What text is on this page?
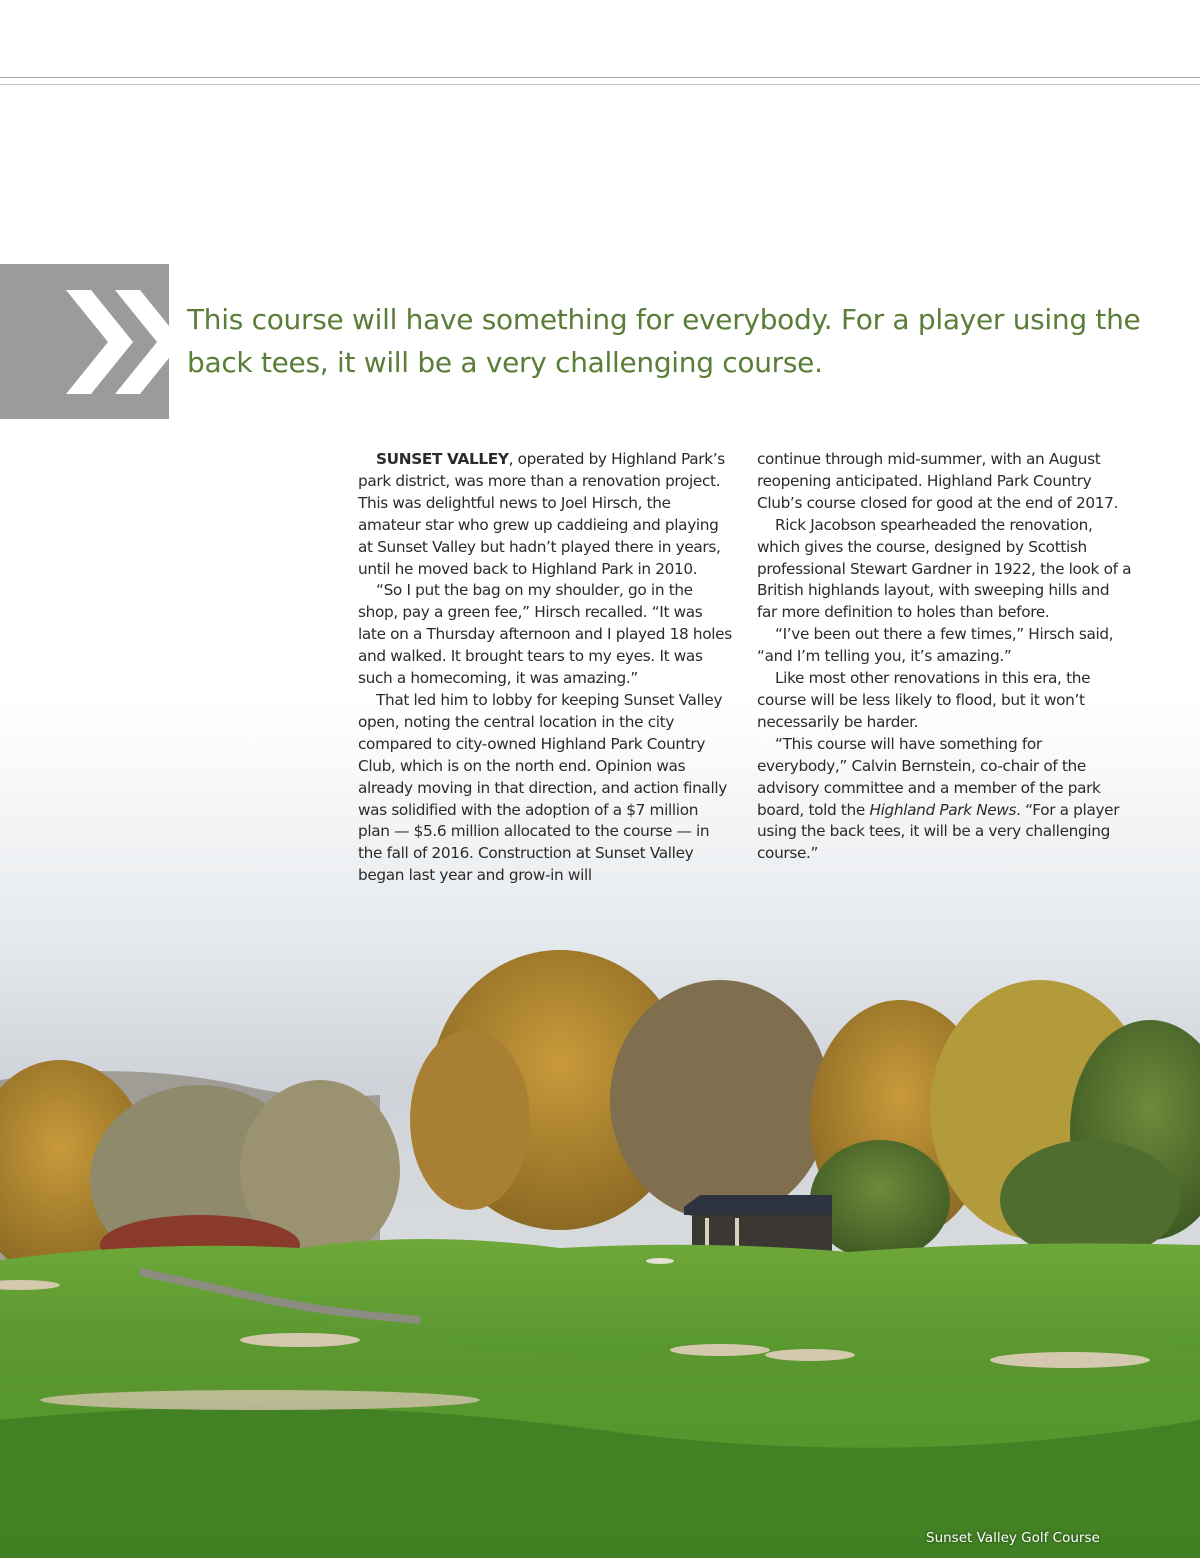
This course will have something for everybody. For a player using the back tees, it will be a very challenging course.

SUNSET VALLEY, operated by Highland Park’s park district, was more than a renovation project. This was delightful news to Joel Hirsch, the amateur star who grew up caddieing and playing at Sunset Valley but hadn’t played there in years, until he moved back to Highland Park in 2010.

“So I put the bag on my shoulder, go in the shop, pay a green fee,” Hirsch recalled. “It was late on a Thursday afternoon and I played 18 holes and walked. It brought tears to my eyes. It was such a homecoming, it was amazing.”

That led him to lobby for keeping Sunset Valley open, noting the central location in the city compared to city-owned Highland Park Country Club, which is on the north end. Opinion was already moving in that direction, and action finally was solidified with the adoption of a $7 million plan — $5.6 million allocated to the course — in the fall of 2016. Construction at Sunset Valley began last year and grow-in will

continue through mid-summer, with an August reopening anticipated. Highland Park Country Club’s course closed for good at the end of 2017.

Rick Jacobson spearheaded the renovation, which gives the course, designed by Scottish professional Stewart Gardner in 1922, the look of a British highlands layout, with sweeping hills and far more definition to holes than before.

“I’ve been out there a few times,” Hirsch said, “and I’m telling you, it’s amazing.”

Like most other renovations in this era, the course will be less likely to flood, but it won’t necessarily be harder.

“This course will have something for everybody,” Calvin Bernstein, co-chair of the advisory committee and a member of the park board, told the Highland Park News. “For a player using the back tees, it will be a very challenging course.”

Sunset Valley Golf Course
